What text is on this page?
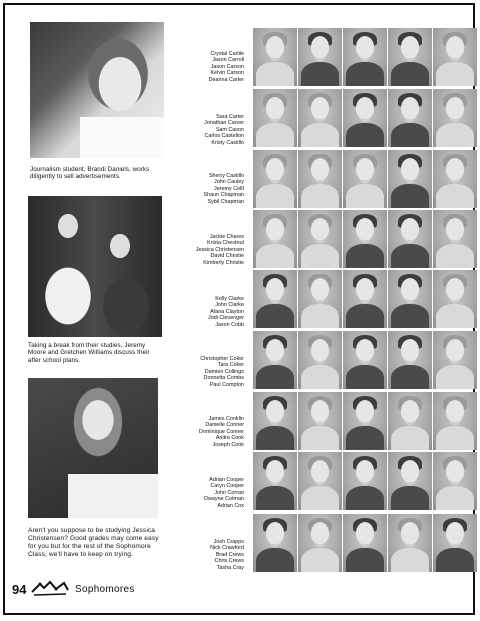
Journalism student, Brandi Daniels, works diligently to sell advertisements.
Taking a break from their studies, Jeremy Moore and Gretchen Williams discuss their after school plans.
Aren't you suppose to be studying Jessica Christensen? Good grades may come easy for you but for the rest of the Sophomore Class, we'll have to keep on trying.
Crystal Carlile
Jason Carroll
Jason Carson
Kelvin Carson
Deanna Carter
Sara Carter
Jonathan Carver
Sam Cason
Carlos Castellon
Kristy Castillo
Sherry Castillo
John Cauley
Jeremy Cellt
Shaun Chapman
Sybil Chapman
Jackie Chares
Krista Chestnut
Jessica Christensen
David Christie
Kimberly Christie
Kelly Clarke
John Clarke
Afana Clayton
Jodi Clevenger
Jason Cobb
Christopher Coker
Tara Coker
Damien Collings
Donnetta Combs
Paul Compton
James Conklin
Danielle Conner
Dominique Conner
Anitra Cook
Joseph Cook
Adrian Cooper
Caryn Cooper
John Corrao
Dwayne Cotman
Adrian Cox
Josh Crapps
Nick Crawford
Brad Crews
Chris Crews
Tasha Cray
94	Sophomores
